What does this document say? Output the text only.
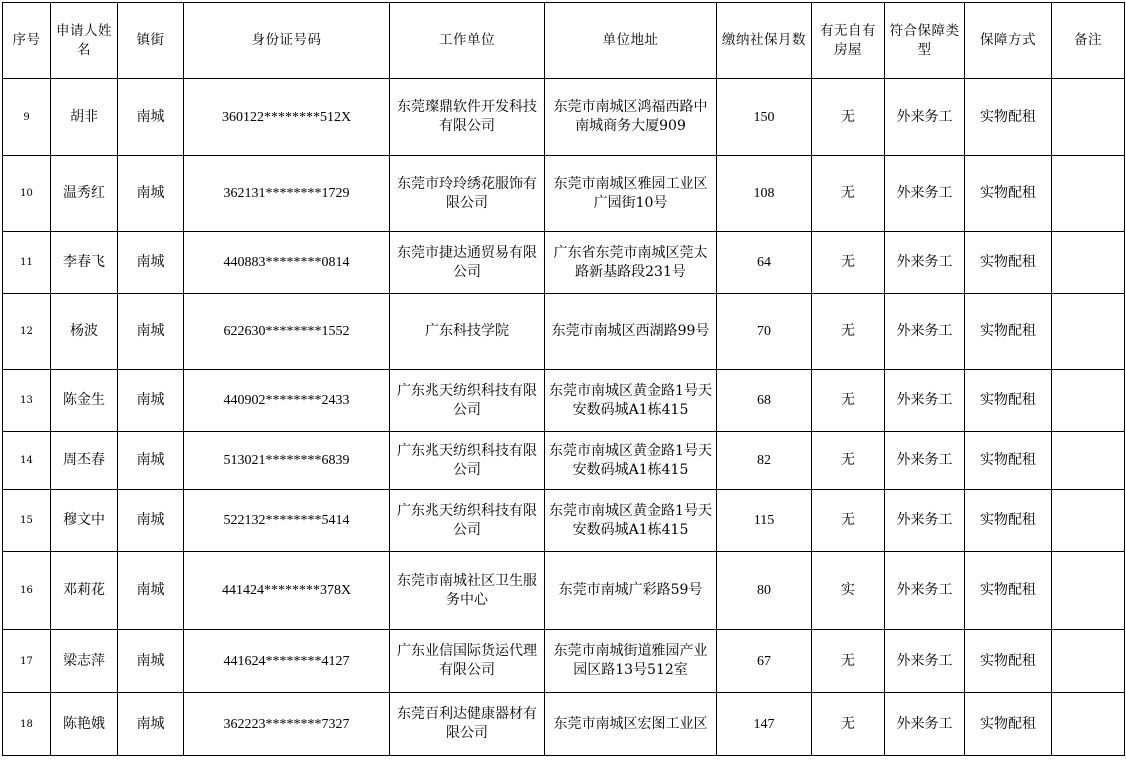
序号	申请人姓名	镇街	身份证号码	工作单位	单位地址	缴纳社保月数	有无自有房屋	符合保障类型	保障方式	备注
9	胡非	南城	360122********512X	东莞璨鼎软件开发科技有限公司	东莞市南城区鸿福西路中南城商务大厦909	150	无	外来务工	实物配租	
10	温秀红	南城	362131********1729	东莞市玲玲绣花服饰有限公司	东莞市南城区雅园工业区广园街10号	108	无	外来务工	实物配租	
11	李春飞	南城	440883********0814	东莞市捷达通贸易有限公司	广东省东莞市南城区莞太路新基路段231号	64	无	外来务工	实物配租	
12	杨波	南城	622630********1552	广东科技学院	东莞市南城区西湖路99号	70	无	外来务工	实物配租	
13	陈金生	南城	440902********2433	广东兆天纺织科技有限公司	东莞市南城区黄金路1号天安数码城A1栋415	68	无	外来务工	实物配租	
14	周丕春	南城	513021********6839	广东兆天纺织科技有限公司	东莞市南城区黄金路1号天安数码城A1栋415	82	无	外来务工	实物配租	
15	穆文中	南城	522132********5414	广东兆天纺织科技有限公司	东莞市南城区黄金路1号天安数码城A1栋415	115	无	外来务工	实物配租	
16	邓莉花	南城	441424********378X	东莞市南城社区卫生服务中心	东莞市南城广彩路59号	80	实	外来务工	实物配租	
17	梁志萍	南城	441624********4127	广东业信国际货运代理有限公司	东莞市南城街道雅园产业园区路13号512室	67	无	外来务工	实物配租	
18	陈艳娥	南城	362223********7327	东莞百利达健康器材有限公司	东莞市南城区宏图工业区	147	无	外来务工	实物配租	
